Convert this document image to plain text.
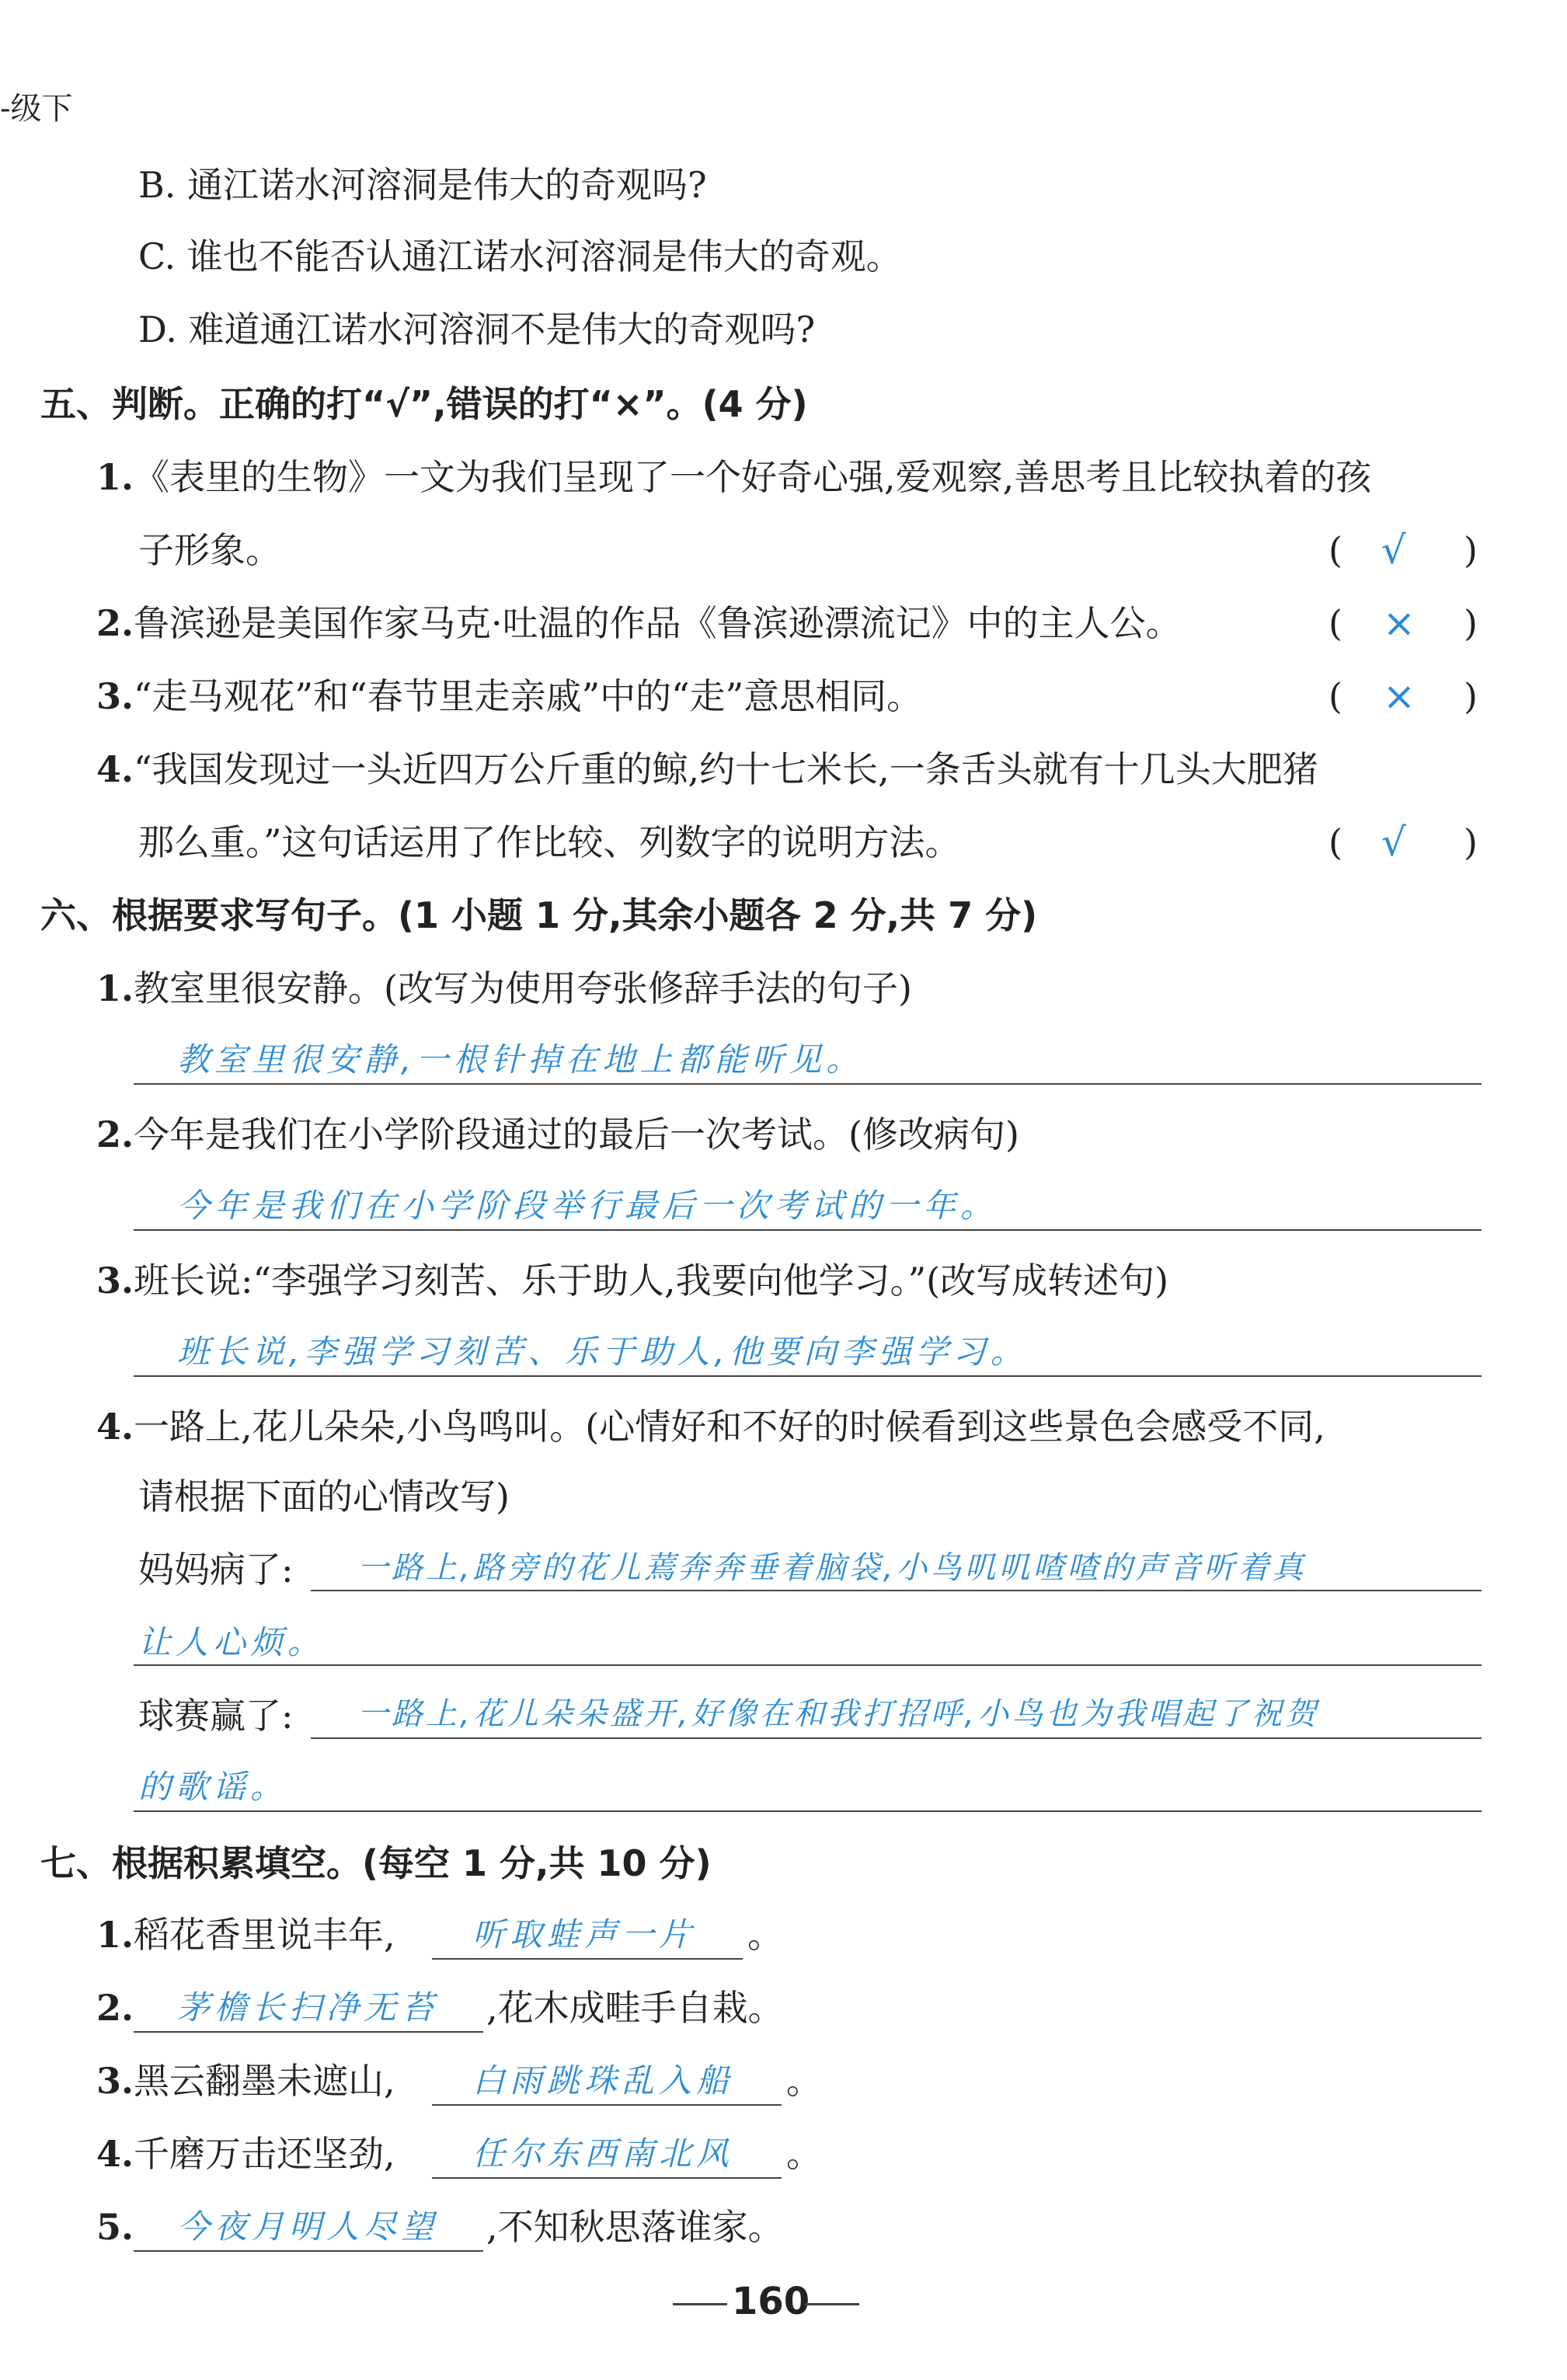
-级下
B. 通江诺水河溶洞是伟大的奇观吗?
C. 谁也不能否认通江诺水河溶洞是伟大的奇观。
D. 难道通江诺水河溶洞不是伟大的奇观吗?
五、判断。正确的打“√”,错误的打“×”。(4 分)
1.《表里的生物》一文为我们呈现了一个好奇心强,爱观察,善思考且比较执着的孩
子形象。	( √ )
2.鲁滨逊是美国作家马克·吐温的作品《鲁滨逊漂流记》中的主人公。	( × )
3.“走马观花”和“春节里走亲戚”中的“走”意思相同。	( × )
4.“我国发现过一头近四万公斤重的鲸,约十七米长,一条舌头就有十几头大肥猪
那么重。”这句话运用了作比较、列数字的说明方法。	( √ )
六、根据要求写句子。(1 小题 1 分,其余小题各 2 分,共 7 分)
1.教室里很安静。(改写为使用夸张修辞手法的句子)
教室里很安静,一根针掉在地上都能听见。
2.今年是我们在小学阶段通过的最后一次考试。(修改病句)
今年是我们在小学阶段举行最后一次考试的一年。
3.班长说:“李强学习刻苦、乐于助人,我要向他学习。”(改写成转述句)
班长说,李强学习刻苦、乐于助人,他要向李强学习。
4.一路上,花儿朵朵,小鸟鸣叫。(心情好和不好的时候看到这些景色会感受不同,
请根据下面的心情改写)
妈妈病了: 一路上,路旁的花儿蔫奔奔垂着脑袋,小鸟叽叽喳喳的声音听着真
让人心烦。
球赛赢了: 一路上,花儿朵朵盛开,好像在和我打招呼,小鸟也为我唱起了祝贺
的歌谣。
七、根据积累填空。(每空 1 分,共 10 分)
1.稻花香里说丰年, 听取蛙声一片 。
2. 茅檐长扫净无苔 ,花木成畦手自栽。
3.黑云翻墨未遮山, 白雨跳珠乱入船 。
4.千磨万击还坚劲, 任尔东西南北风 。
5. 今夜月明人尽望 ,不知秋思落谁家。
160
